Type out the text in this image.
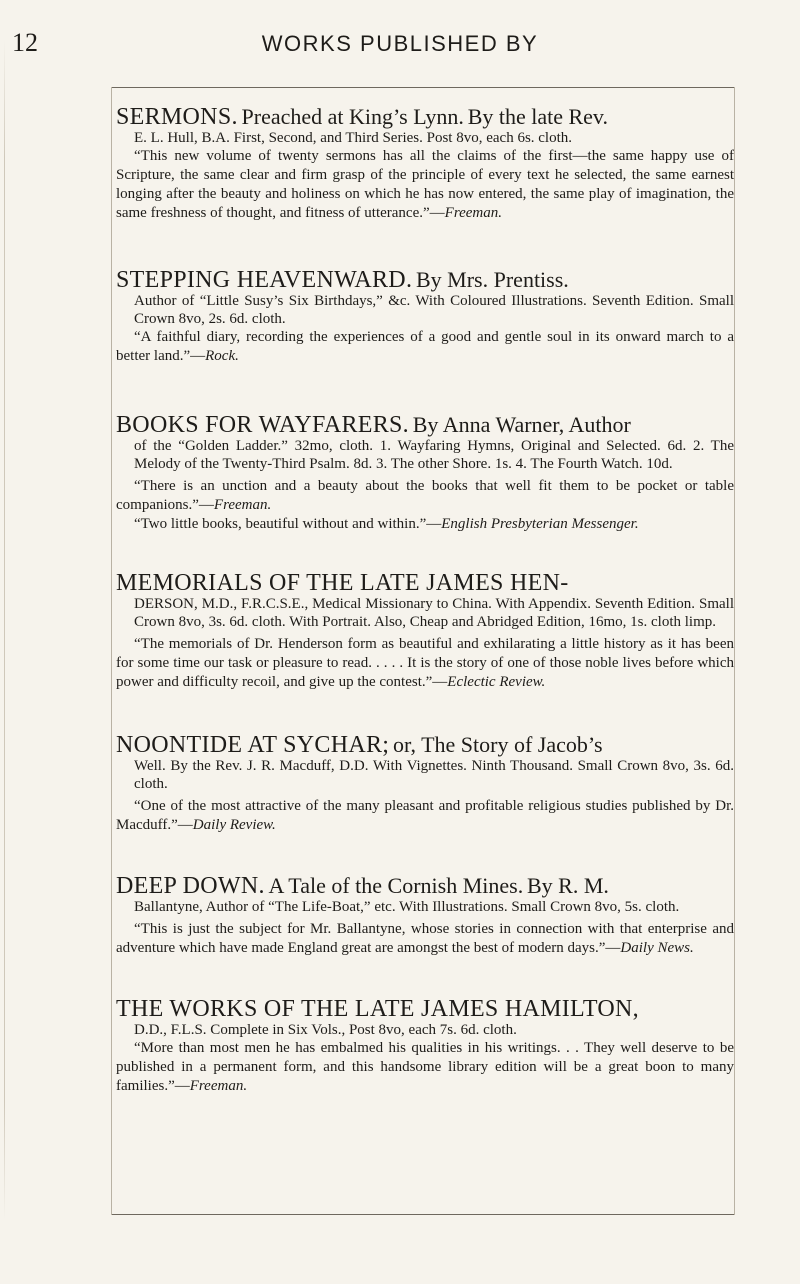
12	WORKS PUBLISHED BY

SERMONS. Preached at King’s Lynn. By the late Rev.

E. L. Hull, B.A. First, Second, and Third Series. Post 8vo, each 6s. cloth.

“This new volume of twenty sermons has all the claims of the first—the same happy use of Scripture, the same clear and firm grasp of the principle of every text he selected, the same earnest longing after the beauty and holiness on which he has now entered, the same play of imagination, the same freshness of thought, and fitness of utterance.”—Freeman.

STEPPING HEAVENWARD. By Mrs. Prentiss.

Author of “Little Susy’s Six Birthdays,” &c. With Coloured Illustrations. Seventh Edition. Small Crown 8vo, 2s. 6d. cloth.

“A faithful diary, recording the experiences of a good and gentle soul in its onward march to a better land.”—Rock.

BOOKS FOR WAYFARERS. By Anna Warner, Author

of the “Golden Ladder.” 32mo, cloth. 1. Wayfaring Hymns, Original and Selected. 6d. 2. The Melody of the Twenty-Third Psalm. 8d. 3. The other Shore. 1s. 4. The Fourth Watch. 10d.

“There is an unction and a beauty about the books that well fit them to be pocket or table companions.”—Freeman.

“Two little books, beautiful without and within.”—English Presbyterian Messenger.

MEMORIALS OF THE LATE JAMES HEN-

DERSON, M.D., F.R.C.S.E., Medical Missionary to China. With Appendix. Seventh Edition. Small Crown 8vo, 3s. 6d. cloth. With Portrait. Also, Cheap and Abridged Edition, 16mo, 1s. cloth limp.

“The memorials of Dr. Henderson form as beautiful and exhilarating a little history as it has been for some time our task or pleasure to read. . . . . It is the story of one of those noble lives before which power and difficulty recoil, and give up the contest.”—Eclectic Review.

NOONTIDE AT SYCHAR; or, The Story of Jacob’s

Well. By the Rev. J. R. Macduff, D.D. With Vignettes. Ninth Thousand. Small Crown 8vo, 3s. 6d. cloth.

“One of the most attractive of the many pleasant and profitable religious studies published by Dr. Macduff.”—Daily Review.

DEEP DOWN. A Tale of the Cornish Mines. By R. M.

Ballantyne, Author of “The Life-Boat,” etc. With Illustrations. Small Crown 8vo, 5s. cloth.

“This is just the subject for Mr. Ballantyne, whose stories in connection with that enterprise and adventure which have made England great are amongst the best of modern days.”—Daily News.

THE WORKS OF THE LATE JAMES HAMILTON,

D.D., F.L.S. Complete in Six Vols., Post 8vo, each 7s. 6d. cloth.

“More than most men he has embalmed his qualities in his writings. . . They well deserve to be published in a permanent form, and this handsome library edition will be a great boon to many families.”—Freeman.
